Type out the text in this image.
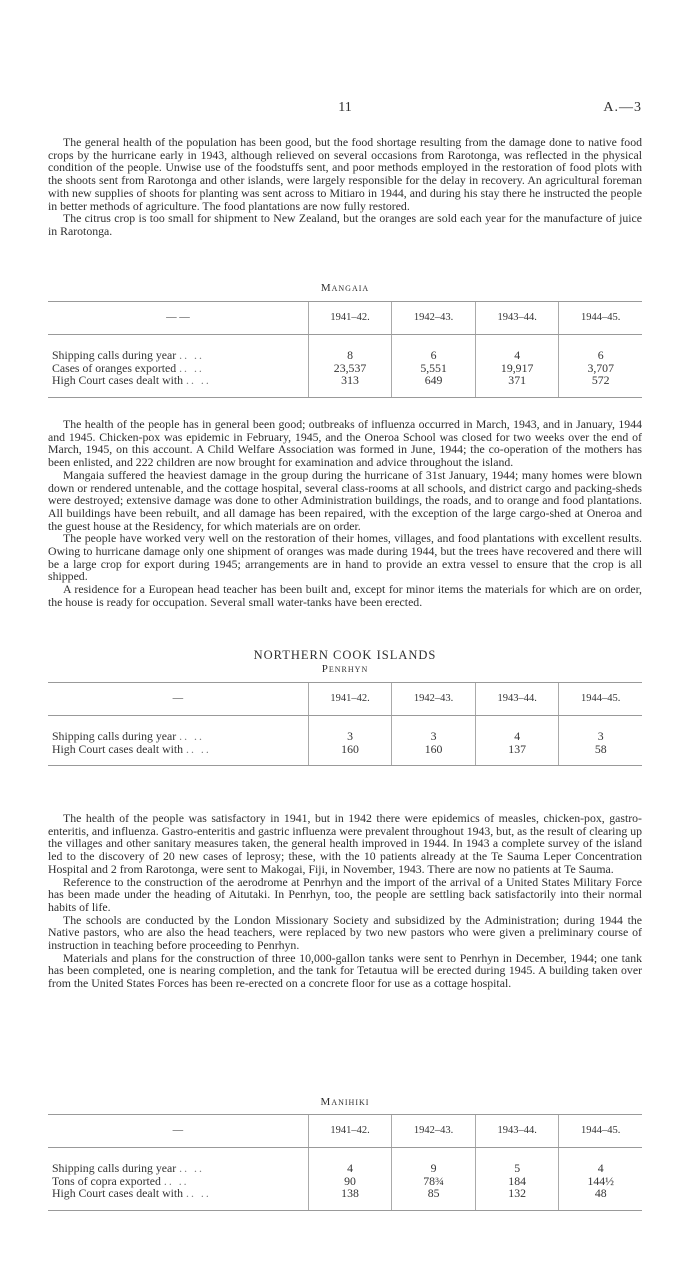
11	A.—3

The general health of the population has been good, but the food shortage resulting from the damage done to native food crops by the hurricane early in 1943, although relieved on several occasions from Rarotonga, was reflected in the physical condition of the people. Unwise use of the foodstuffs sent, and poor methods employed in the restoration of food plots with the shoots sent from Rarotonga and other islands, were largely responsible for the delay in recovery. An agricultural foreman with new supplies of shoots for planting was sent across to Mitiaro in 1944, and during his stay there he instructed the people in better methods of agriculture. The food plantations are now fully restored.

The citrus crop is too small for shipment to New Zealand, but the oranges are sold each year for the manufacture of juice in Rarotonga.

Mangaia

— —	1941–42.	1942–43.	1943–44.	1944–45.
Shipping calls during year .. ..	8	6	4	6
Cases of oranges exported .. ..	23,537	5,551	19,917	3,707
High Court cases dealt with .. ..	313	649	371	572

The health of the people has in general been good; outbreaks of influenza occurred in March, 1943, and in January, 1944 and 1945. Chicken-pox was epidemic in February, 1945, and the Oneroa School was closed for two weeks over the end of March, 1945, on this account. A Child Welfare Association was formed in June, 1944; the co-operation of the mothers has been enlisted, and 222 children are now brought for examination and advice throughout the island.

Mangaia suffered the heaviest damage in the group during the hurricane of 31st January, 1944; many homes were blown down or rendered untenable, and the cottage hospital, several class-rooms at all schools, and district cargo and packing-sheds were destroyed; extensive damage was done to other Administration buildings, the roads, and to orange and food plantations. All buildings have been rebuilt, and all damage has been repaired, with the exception of the large cargo-shed at Oneroa and the guest house at the Residency, for which materials are on order.

The people have worked very well on the restoration of their homes, villages, and food plantations with excellent results. Owing to hurricane damage only one shipment of oranges was made during 1944, but the trees have recovered and there will be a large crop for export during 1945; arrangements are in hand to provide an extra vessel to ensure that the crop is all shipped.

A residence for a European head teacher has been built and, except for minor items the materials for which are on order, the house is ready for occupation. Several small water-tanks have been erected.

NORTHERN COOK ISLANDS

Penrhyn

—	1941–42.	1942–43.	1943–44.	1944–45.
Shipping calls during year .. ..	3	3	4	3
High Court cases dealt with .. ..	160	160	137	58

The health of the people was satisfactory in 1941, but in 1942 there were epidemics of measles, chicken-pox, gastro-enteritis, and influenza. Gastro-enteritis and gastric influenza were prevalent throughout 1943, but, as the result of clearing up the villages and other sanitary measures taken, the general health improved in 1944. In 1943 a complete survey of the island led to the discovery of 20 new cases of leprosy; these, with the 10 patients already at the Te Sauma Leper Concentration Hospital and 2 from Rarotonga, were sent to Makogai, Fiji, in November, 1943. There are now no patients at Te Sauma.

Reference to the construction of the aerodrome at Penrhyn and the import of the arrival of a United States Military Force has been made under the heading of Aitutaki. In Penrhyn, too, the people are settling back satisfactorily into their normal habits of life.

The schools are conducted by the London Missionary Society and subsidized by the Administration; during 1944 the Native pastors, who are also the head teachers, were replaced by two new pastors who were given a preliminary course of instruction in teaching before proceeding to Penrhyn.

Materials and plans for the construction of three 10,000-gallon tanks were sent to Penrhyn in December, 1944; one tank has been completed, one is nearing completion, and the tank for Tetautua will be erected during 1945. A building taken over from the United States Forces has been re-erected on a concrete floor for use as a cottage hospital.

Manihiki

—	1941–42.	1942–43.	1943–44.	1944–45.
Shipping calls during year .. ..	4	9	5	4
Tons of copra exported .. ..	90	78¾	184	144½
High Court cases dealt with .. ..	138	85	132	48
